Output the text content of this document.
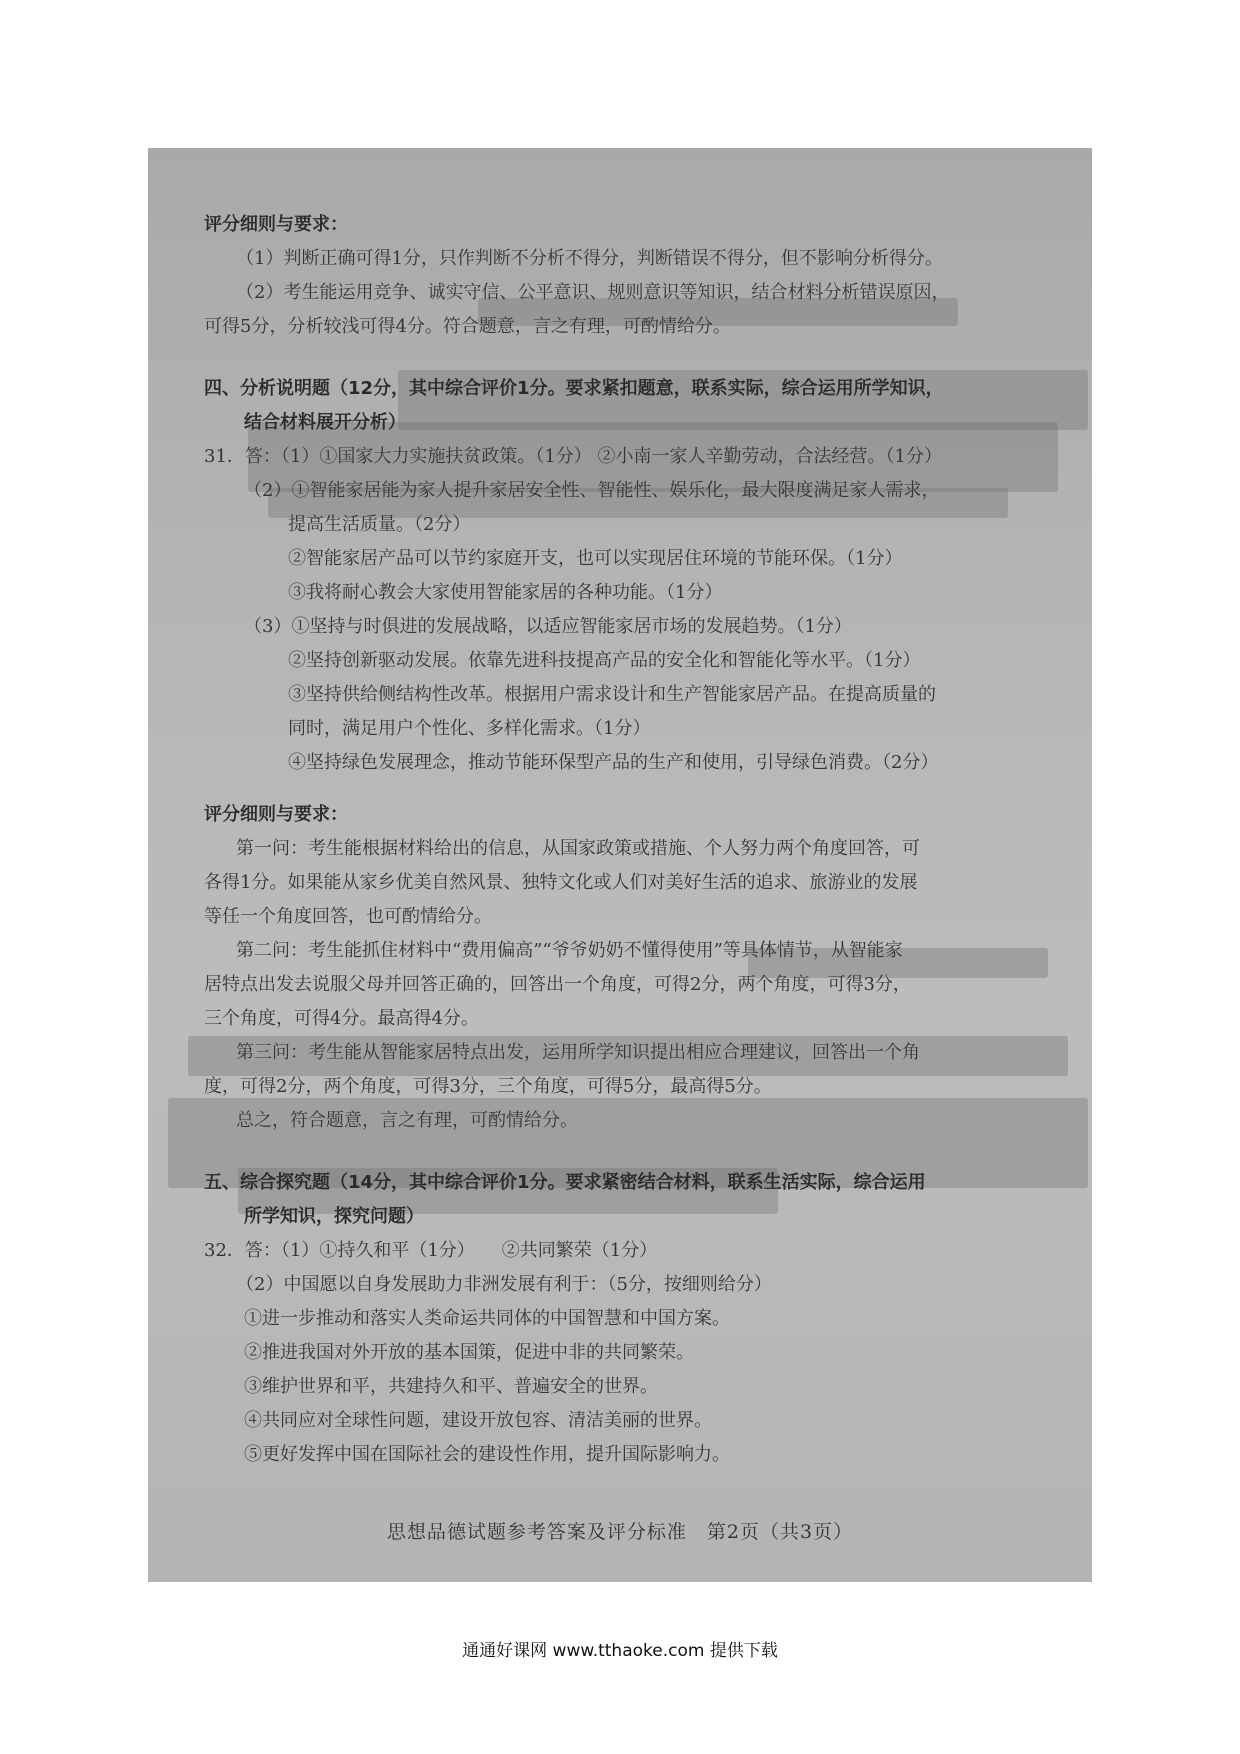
评分细则与要求：
（1）判断正确可得1分，只作判断不分析不得分，判断错误不得分，但不影响分析得分。
（2）考生能运用竞争、诚实守信、公平意识、规则意识等知识，结合材料分析错误原因，
可得5分，分析较浅可得4分。符合题意，言之有理，可酌情给分。
四、分析说明题（12分，其中综合评价1分。要求紧扣题意，联系实际，综合运用所学知识，
结合材料展开分析）
31．答：（1）①国家大力实施扶贫政策。（1分） ②小南一家人辛勤劳动，合法经营。（1分）
（2）①智能家居能为家人提升家居安全性、智能性、娱乐化，最大限度满足家人需求，
提高生活质量。（2分）
②智能家居产品可以节约家庭开支，也可以实现居住环境的节能环保。（1分）
③我将耐心教会大家使用智能家居的各种功能。（1分）
（3）①坚持与时俱进的发展战略，以适应智能家居市场的发展趋势。（1分）
②坚持创新驱动发展。依靠先进科技提高产品的安全化和智能化等水平。（1分）
③坚持供给侧结构性改革。根据用户需求设计和生产智能家居产品。在提高质量的
同时，满足用户个性化、多样化需求。（1分）
④坚持绿色发展理念，推动节能环保型产品的生产和使用，引导绿色消费。（2分）
评分细则与要求：
第一问：考生能根据材料给出的信息，从国家政策或措施、个人努力两个角度回答，可
各得1分。如果能从家乡优美自然风景、独特文化或人们对美好生活的追求、旅游业的发展
等任一个角度回答，也可酌情给分。
第二问：考生能抓住材料中“费用偏高”“爷爷奶奶不懂得使用”等具体情节，从智能家
居特点出发去说服父母并回答正确的，回答出一个角度，可得2分，两个角度，可得3分，
三个角度，可得4分。最高得4分。
第三问：考生能从智能家居特点出发，运用所学知识提出相应合理建议，回答出一个角
度，可得2分，两个角度，可得3分，三个角度，可得5分，最高得5分。
总之，符合题意，言之有理，可酌情给分。
五、综合探究题（14分，其中综合评价1分。要求紧密结合材料，联系生活实际，综合运用
所学知识，探究问题）
32．答：（1）①持久和平（1分）　　②共同繁荣（1分）
（2）中国愿以自身发展助力非洲发展有利于：（5分，按细则给分）
①进一步推动和落实人类命运共同体的中国智慧和中国方案。
②推进我国对外开放的基本国策，促进中非的共同繁荣。
③维护世界和平，共建持久和平、普遍安全的世界。
④共同应对全球性问题，建设开放包容、清洁美丽的世界。
⑤更好发挥中国在国际社会的建设性作用，提升国际影响力。
思想品德试题参考答案及评分标准　第2页（共3页）
通通好课网 www.tthaoke.com 提供下载
